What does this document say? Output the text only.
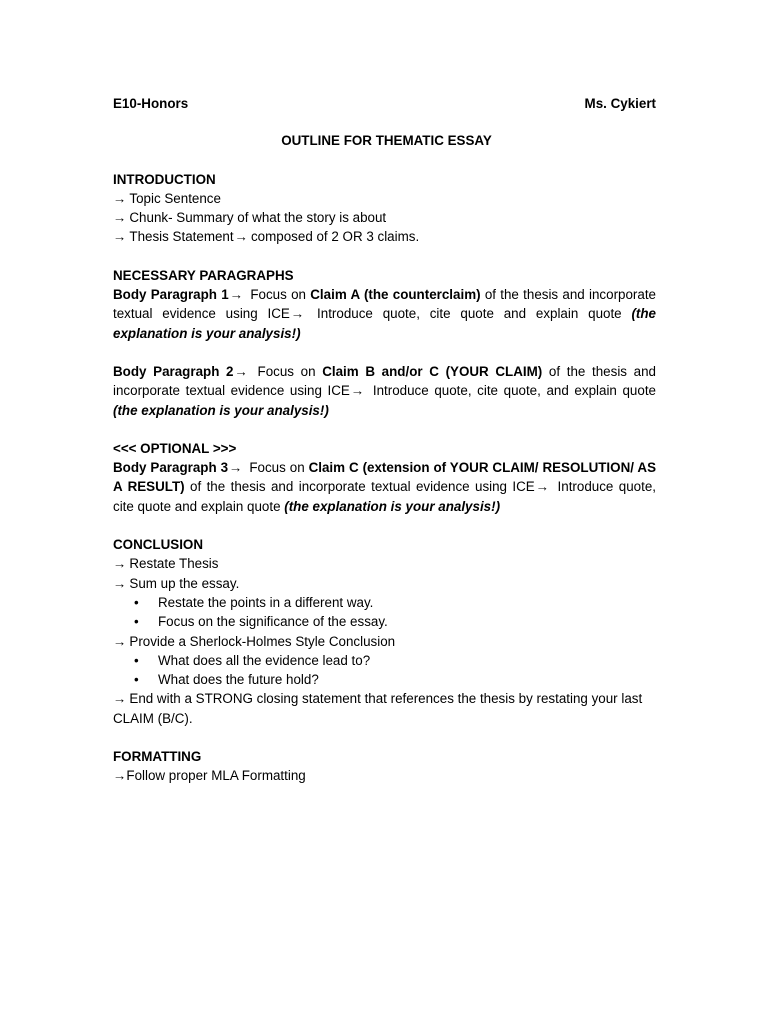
E10-Honors	Ms. Cykiert
OUTLINE FOR THEMATIC ESSAY
INTRODUCTION
→ Topic Sentence
→ Chunk- Summary of what the story is about
→ Thesis Statement→ composed of 2 OR 3 claims.
NECESSARY PARAGRAPHS
Body Paragraph 1→ Focus on Claim A (the counterclaim) of the thesis and incorporate textual evidence using ICE→ Introduce quote, cite quote and explain quote (the explanation is your analysis!)
Body Paragraph 2→ Focus on Claim B and/or C (YOUR CLAIM) of the thesis and incorporate textual evidence using ICE→ Introduce quote, cite quote, and explain quote (the explanation is your analysis!)
<<< OPTIONAL >>>
Body Paragraph 3→ Focus on Claim C (extension of YOUR CLAIM/ RESOLUTION/ AS A RESULT) of the thesis and incorporate textual evidence using ICE→ Introduce quote, cite quote and explain quote (the explanation is your analysis!)
CONCLUSION
→ Restate Thesis
→ Sum up the essay.
• Restate the points in a different way.
• Focus on the significance of the essay.
→ Provide a Sherlock-Holmes Style Conclusion
• What does all the evidence lead to?
• What does the future hold?
→ End with a STRONG closing statement that references the thesis by restating your last CLAIM (B/C).
FORMATTING
→Follow proper MLA Formatting
